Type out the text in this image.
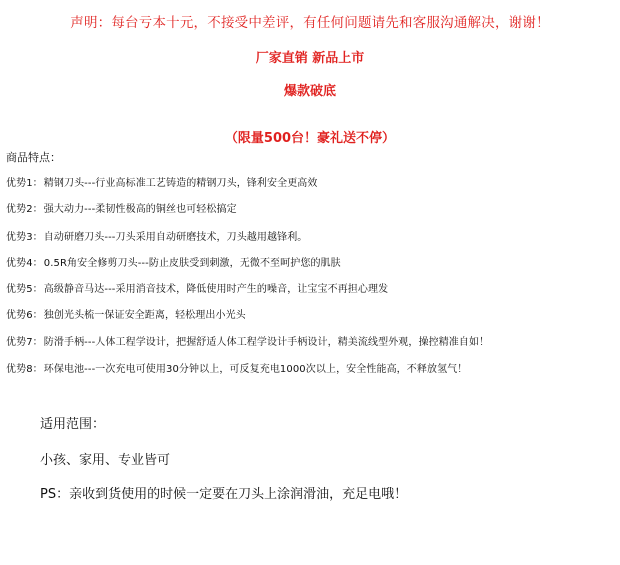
声明：每台亏本十元，不接受中差评，有任何问题请先和客服沟通解决，谢谢！
厂家直销 新品上市
爆款破底
（限量500台！豪礼送不停）
商品特点：
优势1：精钢刀头---行业高标准工艺铸造的精钢刀头，锋利安全更高效
优势2：强大动力---柔韧性极高的铜丝也可轻松搞定
优势3：自动研磨刀头---刀头采用自动研磨技术，刀头越用越锋利。
优势4：0.5R角安全修剪刀头---防止皮肤受到刺激，无微不至呵护您的肌肤
优势5：高级静音马达---采用消音技术，降低使用时产生的噪音，让宝宝不再担心理发
优势6：独创光头梳一保证安全距离，轻松理出小光头
优势7：防滑手柄---人体工程学设计，把握舒适人体工程学设计手柄设计，精美流线型外观，操控精准自如！
优势8：环保电池---一次充电可使用30分钟以上，可反复充电1000次以上，安全性能高，不释放氢气！
适用范围：
小孩、家用、专业皆可
PS：亲收到货使用的时候一定要在刀头上涂润滑油，充足电哦！
